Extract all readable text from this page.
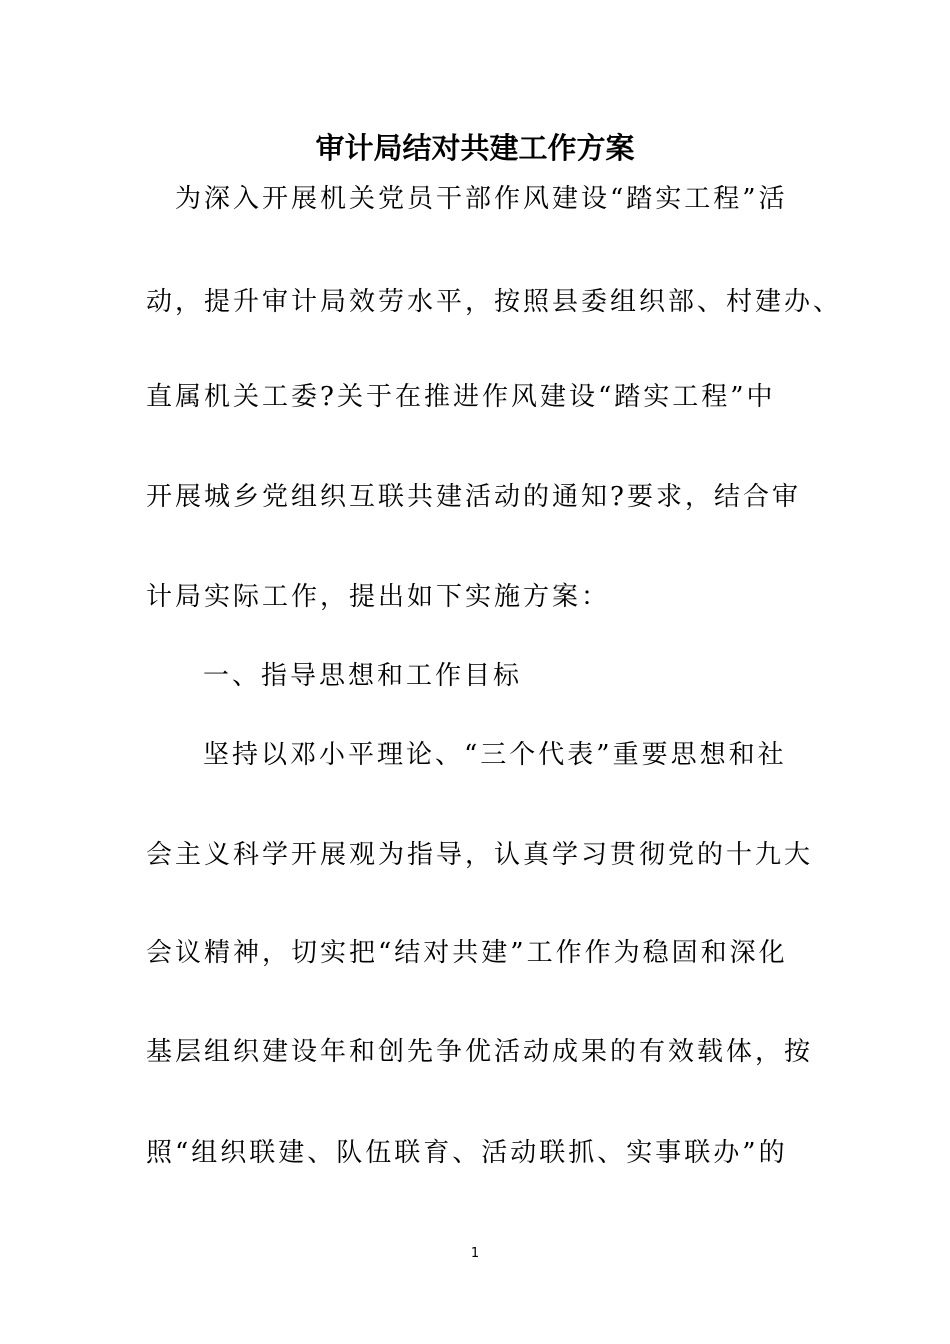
审计局结对共建工作方案

为深入开展机关党员干部作风建设“踏实工程”活

动，提升审计局效劳水平，按照县委组织部、村建办、

直属机关工委?关于在推进作风建设“踏实工程”中

开展城乡党组织互联共建活动的通知?要求，结合审

计局实际工作，提出如下实施方案：

一、指导思想和工作目标

坚持以邓小平理论、“三个代表”重要思想和社

会主义科学开展观为指导，认真学习贯彻党的十九大

会议精神，切实把“结对共建”工作作为稳固和深化

基层组织建设年和创先争优活动成果的有效载体，按

照“组织联建、队伍联育、活动联抓、实事联办”的

1
